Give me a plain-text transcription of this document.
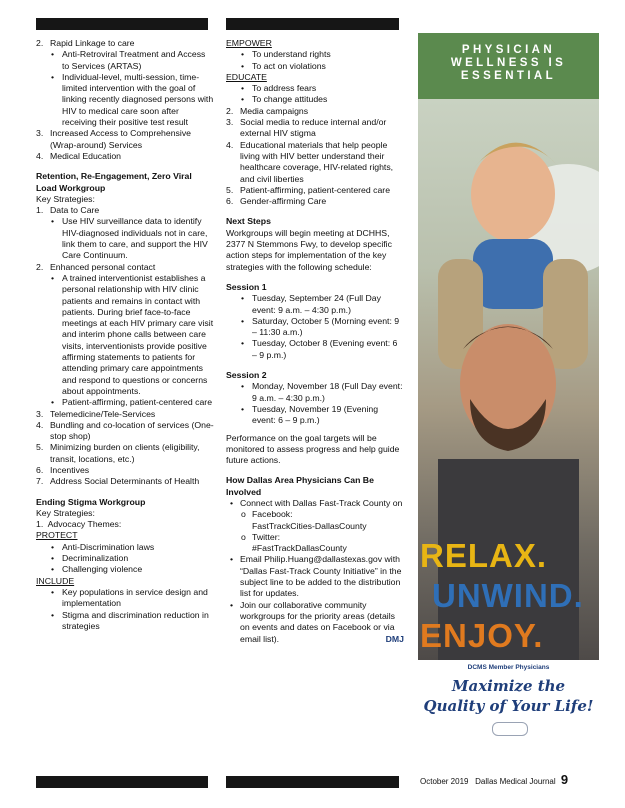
2. Rapid Linkage to care
• Anti-Retroviral Treatment and Access to Services (ARTAS)
• Individual-level, multi-session, time-limited intervention with the goal of linking recently diagnosed persons with HIV to medical care soon after receiving their positive test result
3. Increased Access to Comprehensive (Wrap-around) Services
4. Medical Education

Retention, Re-Engagement, Zero Viral Load Workgroup

Key Strategies:

1. Data to Care
• Use HIV surveillance data to identify HIV-diagnosed individuals not in care, link them to care, and support the HIV Care Continuum.
2. Enhanced personal contact
• A trained interventionist establishes a personal relationship with HIV clinic patients and remains in contact with patients. During brief face-to-face meetings at each HIV primary care visit and interim phone calls between care visits, interventionists provide positive affirming statements to patients for attending primary care appointments and respond to questions or concerns about appointments.
• Patient-affirming, patient-centered care
3. Telemedicine/Tele-Services
4. Bundling and co-location of services (One-stop shop)
5. Minimizing burden on clients (eligibility, transit, locations, etc.)
6. Incentives
7. Address Social Determinants of Health

Ending Stigma Workgroup

Key Strategies:

1.  Advocacy Themes:

PROTECT

• Anti-Discrimination laws
• Decriminalization
• Challenging violence

INCLUDE

• Key populations in service design and implementation
• Stigma and discrimination reduction in strategies

EMPOWER

• To understand rights
• To act on violations

EDUCATE

• To address fears
• To change attitudes
2. Media campaigns
3. Social media to reduce internal and/or external HIV stigma
4. Educational materials that help people living with HIV better understand their healthcare coverage, HIV-related rights, and civil liberties
5. Patient-affirming, patient-centered care
6. Gender-affirming Care

Next Steps

Workgroups will begin meeting at DCHHS, 2377 N Stemmons Fwy, to develop specific action steps for implementation of the key strategies with the following schedule:

Session 1

• Tuesday, September 24 (Full Day event: 9 a.m. – 4:30 p.m.)
• Saturday, October 5 (Morning event: 9 – 11:30 a.m.)
• Tuesday, October 8 (Evening event: 6 – 9 p.m.)

Session 2

• Monday, November 18 (Full Day event: 9 a.m. – 4:30 p.m.)
• Tuesday, November 19 (Evening event: 6 – 9 p.m.)

Performance on the goal targets will be monitored to assess progress and help guide future actions.

How Dallas Area Physicians Can Be Involved

• Connect with Dallas Fast-Track County on
o Facebook:
FastTrackCities-DallasCounty
o Twitter:
#FastTrackDallasCounty
• Email Philip.Huang@dallastexas.gov with “Dallas Fast-Track County Initiative” in the subject line to be added to the distribution list for updates.
• Join our collaborative community workgroups for the priority areas (details on events and dates on Facebook or via email list).	DMJ
PHYSICIAN
WELLNESS IS
ESSENTIAL
RELAX.
UNWIND.
ENJOY.
DCMS Member Physicians
Maximize the
Quality of Your Life!
October 2019 Dallas Medical Journal 9
